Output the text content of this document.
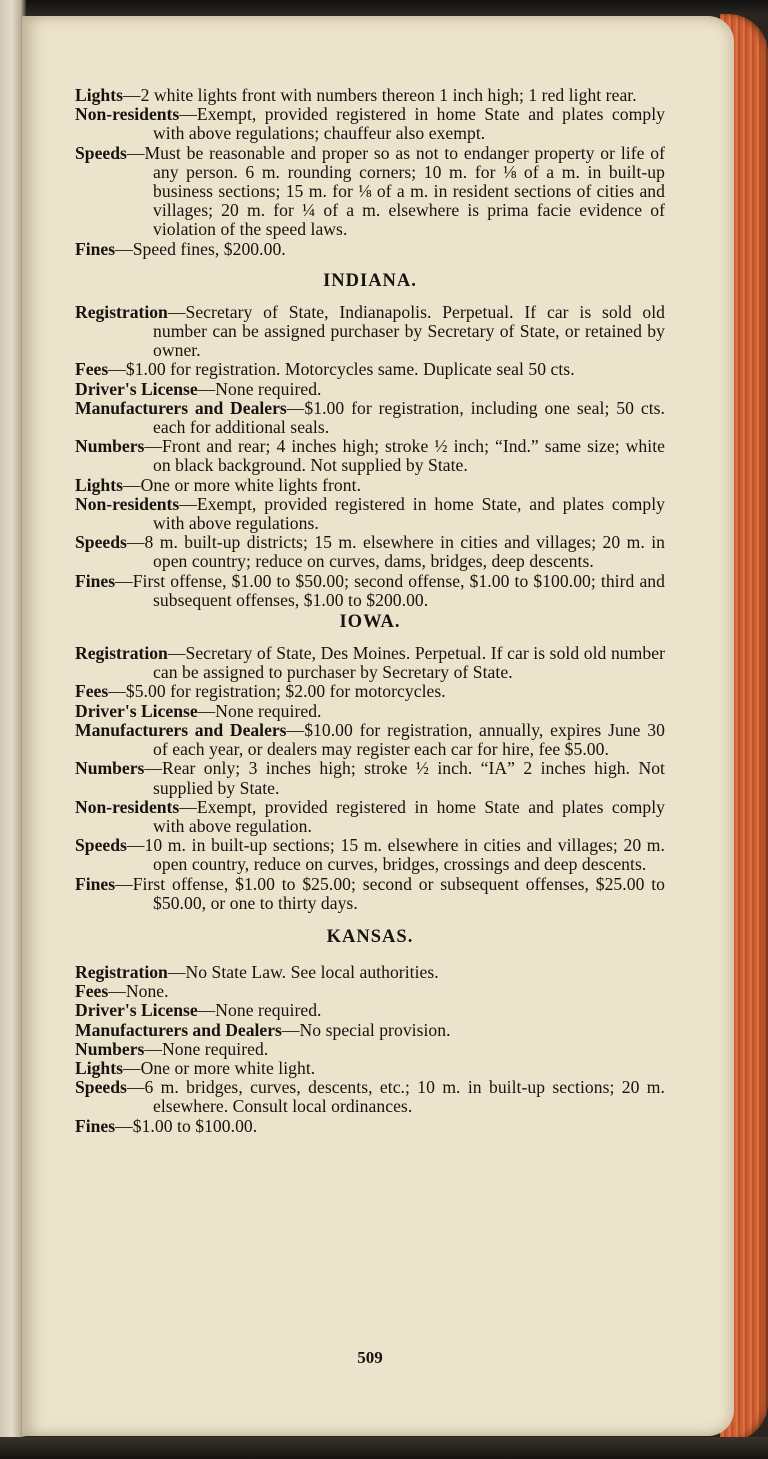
Lights—2 white lights front with numbers thereon 1 inch high; 1 red light rear.
Non-residents—Exempt, provided registered in home State and plates comply with above regulations; chauffeur also exempt.
Speeds—Must be reasonable and proper so as not to endanger property or life of any person. 6 m. rounding corners; 10 m. for ⅛ of a m. in built-up business sections; 15 m. for ⅛ of a m. in resident sections of cities and villages; 20 m. for ¼ of a m. elsewhere is prima facie evidence of violation of the speed laws.
Fines—Speed fines, $200.00.
INDIANA.
Registration—Secretary of State, Indianapolis. Perpetual. If car is sold old number can be assigned purchaser by Secretary of State, or retained by owner.
Fees—$1.00 for registration. Motorcycles same. Duplicate seal 50 cts.
Driver's License—None required.
Manufacturers and Dealers—$1.00 for registration, including one seal; 50 cts. each for additional seals.
Numbers—Front and rear; 4 inches high; stroke ½ inch; “Ind.” same size; white on black background. Not supplied by State.
Lights—One or more white lights front.
Non-residents—Exempt, provided registered in home State, and plates comply with above regulations.
Speeds—8 m. built-up districts; 15 m. elsewhere in cities and villages; 20 m. in open country; reduce on curves, dams, bridges, deep descents.
Fines—First offense, $1.00 to $50.00; second offense, $1.00 to $100.00; third and subsequent offenses, $1.00 to $200.00.
IOWA.
Registration—Secretary of State, Des Moines. Perpetual. If car is sold old number can be assigned to purchaser by Secretary of State.
Fees—$5.00 for registration; $2.00 for motorcycles.
Driver's License—None required.
Manufacturers and Dealers—$10.00 for registration, annually, expires June 30 of each year, or dealers may register each car for hire, fee $5.00.
Numbers—Rear only; 3 inches high; stroke ½ inch. “IA” 2 inches high. Not supplied by State.
Non-residents—Exempt, provided registered in home State and plates comply with above regulation.
Speeds—10 m. in built-up sections; 15 m. elsewhere in cities and villages; 20 m. open country, reduce on curves, bridges, crossings and deep descents.
Fines—First offense, $1.00 to $25.00; second or subsequent offenses, $25.00 to $50.00, or one to thirty days.
KANSAS.
Registration—No State Law. See local authorities.
Fees—None.
Driver's License—None required.
Manufacturers and Dealers—No special provision.
Numbers—None required.
Lights—One or more white light.
Speeds—6 m. bridges, curves, descents, etc.; 10 m. in built-up sections; 20 m. elsewhere. Consult local ordinances.
Fines—$1.00 to $100.00.
509
